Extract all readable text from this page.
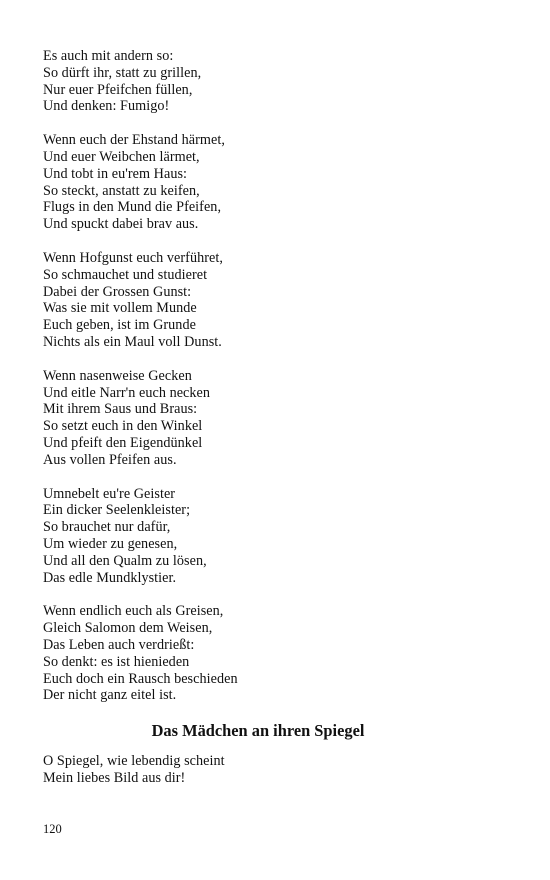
Es auch mit andern so:
So dürft ihr, statt zu grillen,
Nur euer Pfeifchen füllen,
Und denken: Fumigo!
Wenn euch der Ehstand härmet,
Und euer Weibchen lärmet,
Und tobt in eu'rem Haus:
So steckt, anstatt zu keifen,
Flugs in den Mund die Pfeifen,
Und spuckt dabei brav aus.
Wenn Hofgunst euch verführet,
So schmauchet und studieret
Dabei der Grossen Gunst:
Was sie mit vollem Munde
Euch geben, ist im Grunde
Nichts als ein Maul voll Dunst.
Wenn nasenweise Gecken
Und eitle Narr'n euch necken
Mit ihrem Saus und Braus:
So setzt euch in den Winkel
Und pfeift den Eigendünkel
Aus vollen Pfeifen aus.
Umnebelt eu're Geister
Ein dicker Seelenkleister;
So brauchet nur dafür,
Um wieder zu genesen,
Und all den Qualm zu lösen,
Das edle Mundklystier.
Wenn endlich euch als Greisen,
Gleich Salomon dem Weisen,
Das Leben auch verdrießt:
So denkt: es ist hienieden
Euch doch ein Rausch beschieden
Der nicht ganz eitel ist.
Das Mädchen an ihren Spiegel
O Spiegel, wie lebendig scheint
Mein liebes Bild aus dir!
120
